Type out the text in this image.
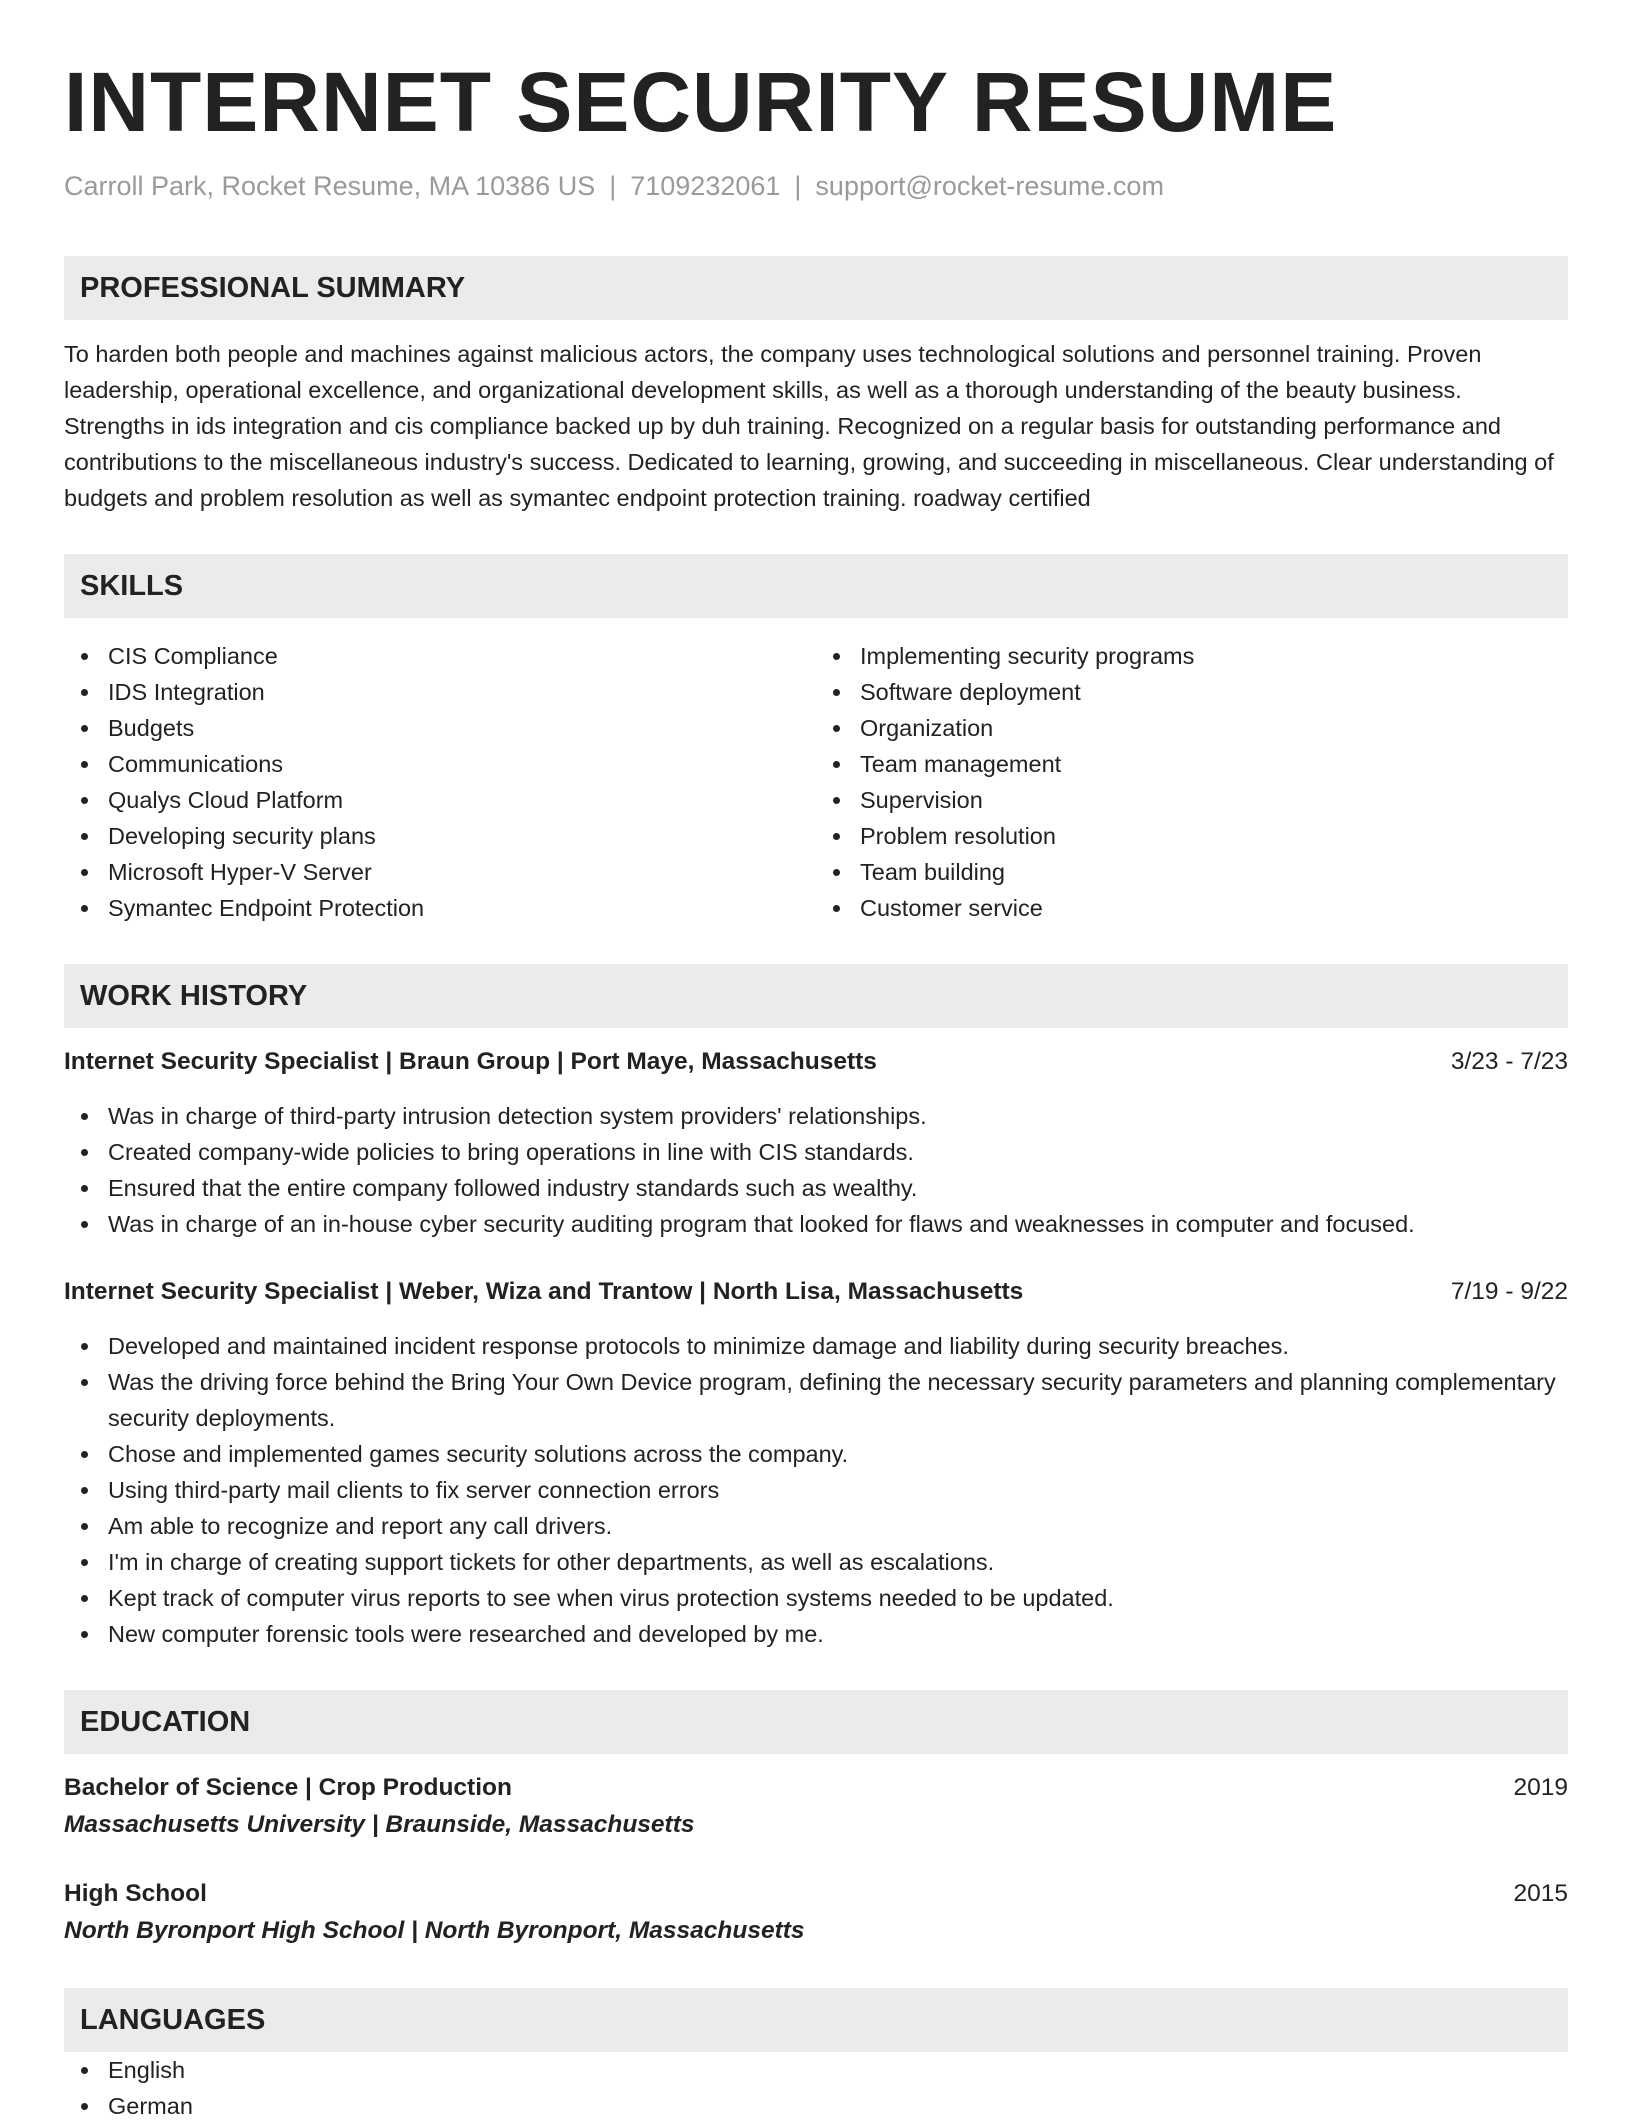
INTERNET SECURITY RESUME
Carroll Park, Rocket Resume, MA 10386 US | 7109232061 | support@rocket-resume.com
PROFESSIONAL SUMMARY
To harden both people and machines against malicious actors, the company uses technological solutions and personnel training. Proven leadership, operational excellence, and organizational development skills, as well as a thorough understanding of the beauty business. Strengths in ids integration and cis compliance backed up by duh training. Recognized on a regular basis for outstanding performance and contributions to the miscellaneous industry's success. Dedicated to learning, growing, and succeeding in miscellaneous. Clear understanding of budgets and problem resolution as well as symantec endpoint protection training. roadway certified
SKILLS
CIS Compliance
IDS Integration
Budgets
Communications
Qualys Cloud Platform
Developing security plans
Microsoft Hyper-V Server
Symantec Endpoint Protection
Implementing security programs
Software deployment
Organization
Team management
Supervision
Problem resolution
Team building
Customer service
WORK HISTORY
Internet Security Specialist | Braun Group | Port Maye, Massachusetts	3/23 - 7/23
Was in charge of third-party intrusion detection system providers' relationships.
Created company-wide policies to bring operations in line with CIS standards.
Ensured that the entire company followed industry standards such as wealthy.
Was in charge of an in-house cyber security auditing program that looked for flaws and weaknesses in computer and focused.
Internet Security Specialist | Weber, Wiza and Trantow | North Lisa, Massachusetts	7/19 - 9/22
Developed and maintained incident response protocols to minimize damage and liability during security breaches.
Was the driving force behind the Bring Your Own Device program, defining the necessary security parameters and planning complementary security deployments.
Chose and implemented games security solutions across the company.
Using third-party mail clients to fix server connection errors
Am able to recognize and report any call drivers.
I'm in charge of creating support tickets for other departments, as well as escalations.
Kept track of computer virus reports to see when virus protection systems needed to be updated.
New computer forensic tools were researched and developed by me.
EDUCATION
Bachelor of Science | Crop Production	2019
Massachusetts University | Braunside, Massachusetts
High School	2015
North Byronport High School | North Byronport, Massachusetts
LANGUAGES
English
German
